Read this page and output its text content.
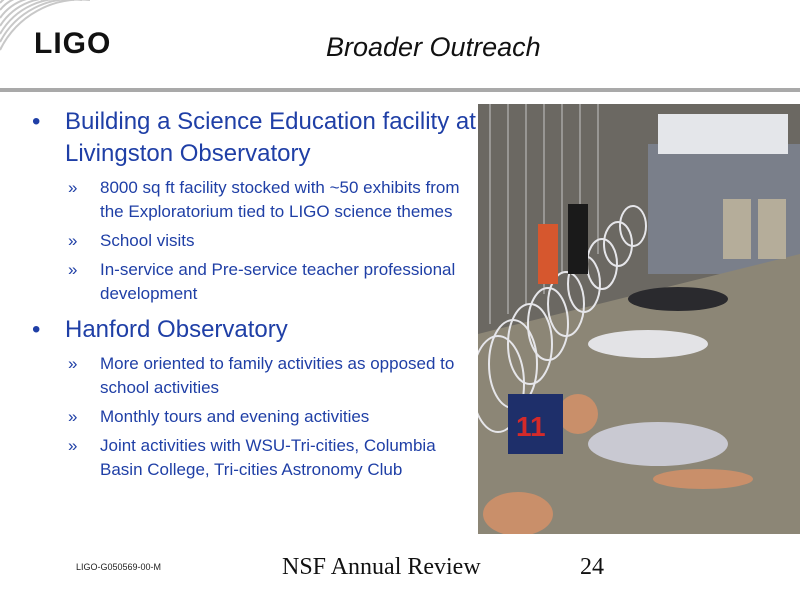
LIGO	Broader Outreach
• Building a Science Education facility at Livingston Observatory
» 8000 sq ft facility stocked with ~50 exhibits from the Exploratorium tied to LIGO science themes
» School visits
» In-service and Pre-service teacher professional development
• Hanford Observatory
» More oriented to family activities as opposed to school activities
» Monthly tours and evening activities
» Joint activities with WSU-Tri-cities, Columbia Basin College, Tri-cities Astronomy Club
11
LIGO-G050569-00-M	NSF Annual Review	24
